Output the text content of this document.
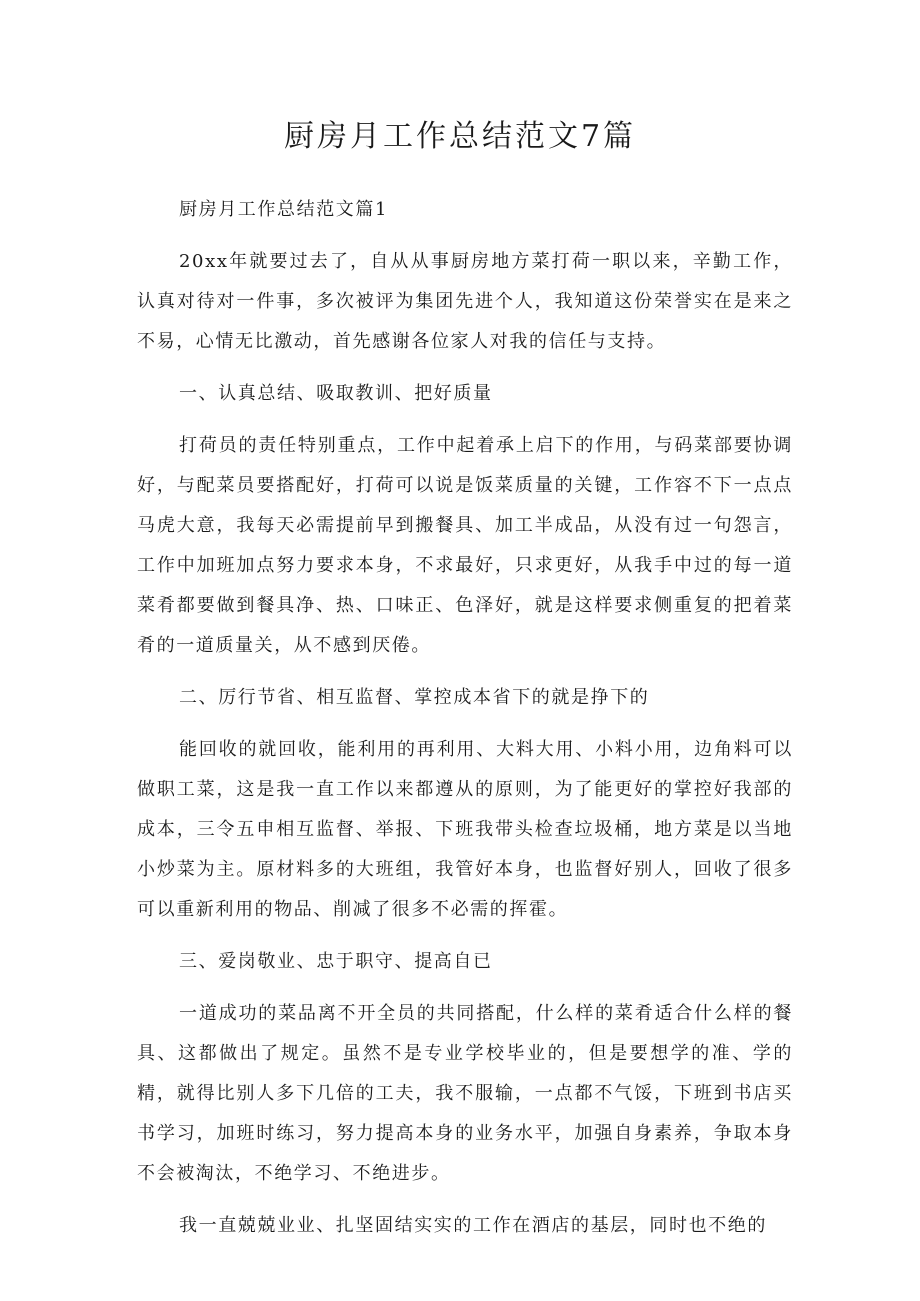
厨房月工作总结范文7篇

厨房月工作总结范文篇1

20xx年就要过去了，自从从事厨房地方菜打荷一职以来，辛勤工作，认真对待对一件事，多次被评为集团先进个人，我知道这份荣誉实在是来之不易，心情无比激动，首先感谢各位家人对我的信任与支持。

一、认真总结、吸取教训、把好质量

打荷员的责任特别重点，工作中起着承上启下的作用，与码菜部要协调好，与配菜员要搭配好，打荷可以说是饭菜质量的关键，工作容不下一点点马虎大意，我每天必需提前早到搬餐具、加工半成品，从没有过一句怨言，工作中加班加点努力要求本身，不求最好，只求更好，从我手中过的每一道菜肴都要做到餐具净、热、口味正、色泽好，就是这样要求侧重复的把着菜肴的一道质量关，从不感到厌倦。

二、厉行节省、相互监督、掌控成本省下的就是挣下的

能回收的就回收，能利用的再利用、大料大用、小料小用，边角料可以做职工菜，这是我一直工作以来都遵从的原则，为了能更好的掌控好我部的成本，三令五申相互监督、举报、下班我带头检查垃圾桶，地方菜是以当地小炒菜为主。原材料多的大班组，我管好本身，也监督好别人，回收了很多可以重新利用的物品、削减了很多不必需的挥霍。

三、爱岗敬业、忠于职守、提高自已

一道成功的菜品离不开全员的共同搭配，什么样的菜肴适合什么样的餐具、这都做出了规定。虽然不是专业学校毕业的，但是要想学的准、学的精，就得比别人多下几倍的工夫，我不服输，一点都不气馁，下班到书店买书学习，加班时练习，努力提高本身的业务水平，加强自身素养，争取本身不会被淘汰，不绝学习、不绝进步。

我一直兢兢业业、扎坚固结实实的工作在酒店的基层，同时也不绝的
